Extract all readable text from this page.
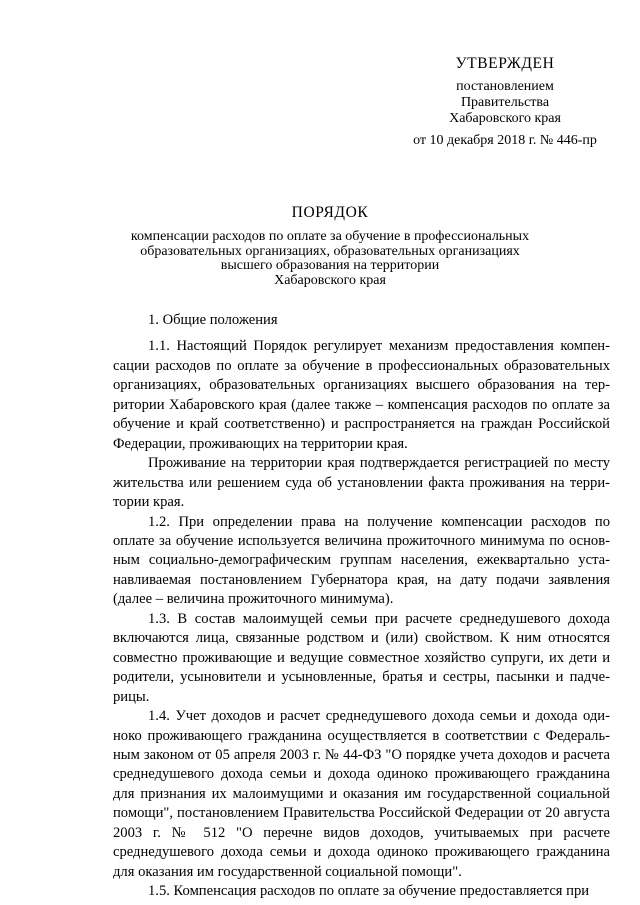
УТВЕРЖДЕН
постановлением
Правительства
Хабаровского края
от 10 декабря 2018 г. № 446-пр
ПОРЯДОК
компенсации расходов по оплате за обучение в профессиональных
образовательных организациях, образовательных организациях
высшего образования на территории
Хабаровского края
1. Общие положения

1.1. Настоящий Порядок регулирует механизм предоставления компенсации расходов по оплате за обучение в профессиональных образовательных организациях, образовательных организациях высшего образования на территории Хабаровского края (далее также – компенсация расходов по оплате за обучение и край соответственно) и распространяется на граждан Российской Федерации, проживающих на территории края.

Проживание на территории края подтверждается регистрацией по месту жительства или решением суда об установлении факта проживания на территории края.

1.2. При определении права на получение компенсации расходов по оплате за обучение используется величина прожиточного минимума по основным социально-демографическим группам населения, ежеквартально устанавливаемая постановлением Губернатора края, на дату подачи заявления (далее – величина прожиточного минимума).

1.3. В состав малоимущей семьи при расчете среднедушевого дохода включаются лица, связанные родством и (или) свойством. К ним относятся совместно проживающие и ведущие совместное хозяйство супруги, их дети и родители, усыновители и усыновленные, братья и сестры, пасынки и падчерицы.

1.4. Учет доходов и расчет среднедушевого дохода семьи и дохода одиноко проживающего гражданина осуществляется в соответствии с Федеральным законом от 05 апреля 2003 г. № 44-ФЗ "О порядке учета доходов и расчета среднедушевого дохода семьи и дохода одиноко проживающего гражданина для признания их малоимущими и оказания им государственной социальной помощи", постановлением Правительства Российской Федерации от 20 августа 2003 г. № 512 "О перечне видов доходов, учитываемых при расчете среднедушевого дохода семьи и дохода одиноко проживающего гражданина для оказания им государственной социальной помощи".

1.5. Компенсация расходов по оплате за обучение предоставляется при
